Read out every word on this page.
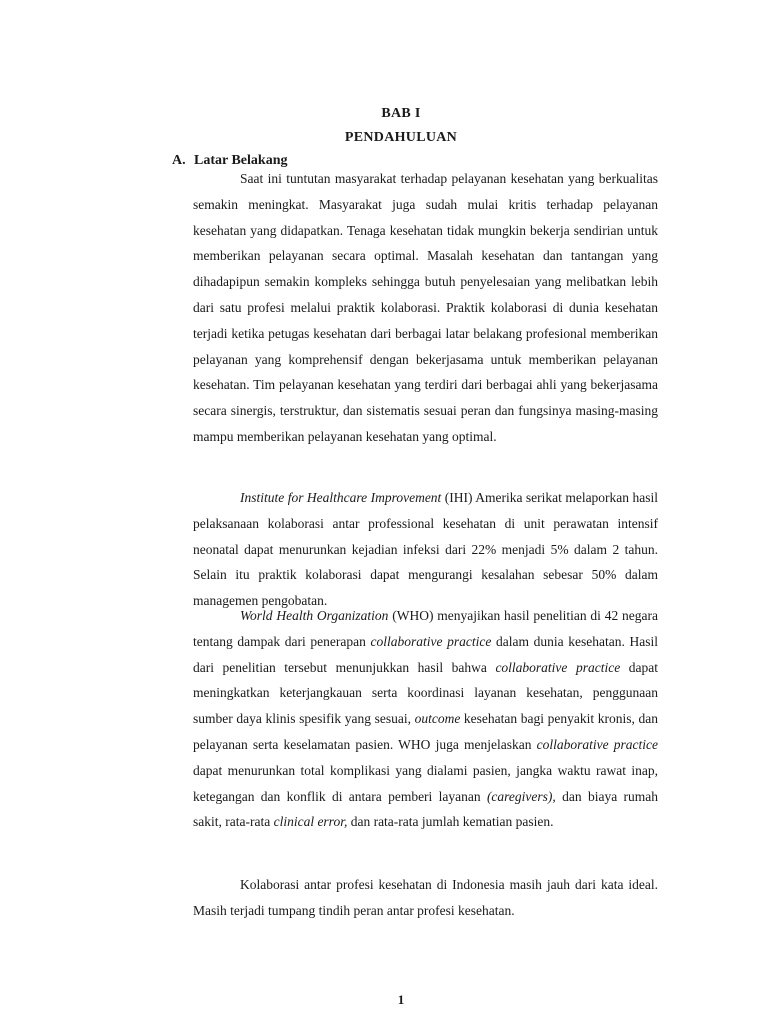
BAB I
PENDAHULUAN
A. Latar Belakang

Saat ini tuntutan masyarakat terhadap pelayanan kesehatan yang berkualitas semakin meningkat. Masyarakat juga sudah mulai kritis terhadap pelayanan kesehatan yang didapatkan. Tenaga kesehatan tidak mungkin bekerja sendirian untuk memberikan pelayanan secara optimal. Masalah kesehatan dan tantangan yang dihadapipun semakin kompleks sehingga butuh penyelesaian yang melibatkan lebih dari satu profesi melalui praktik kolaborasi. Praktik kolaborasi di dunia kesehatan terjadi ketika petugas kesehatan dari berbagai latar belakang profesional memberikan pelayanan yang komprehensif dengan bekerjasama untuk memberikan pelayanan kesehatan. Tim pelayanan kesehatan yang terdiri dari berbagai ahli yang bekerjasama secara sinergis, terstruktur, dan sistematis sesuai peran dan fungsinya masing-masing mampu memberikan pelayanan kesehatan yang optimal.

Institute for Healthcare Improvement (IHI) Amerika serikat melaporkan hasil pelaksanaan kolaborasi antar professional kesehatan di unit perawatan intensif neonatal dapat menurunkan kejadian infeksi dari 22% menjadi 5% dalam 2 tahun. Selain itu praktik kolaborasi dapat mengurangi kesalahan sebesar 50% dalam managemen pengobatan.

World Health Organization (WHO) menyajikan hasil penelitian di 42 negara tentang dampak dari penerapan collaborative practice dalam dunia kesehatan. Hasil dari penelitian tersebut menunjukkan hasil bahwa collaborative practice dapat meningkatkan keterjangkauan serta koordinasi layanan kesehatan, penggunaan sumber daya klinis spesifik yang sesuai, outcome kesehatan bagi penyakit kronis, dan pelayanan serta keselamatan pasien. WHO juga menjelaskan collaborative practice dapat menurunkan total komplikasi yang dialami pasien, jangka waktu rawat inap, ketegangan dan konflik di antara pemberi layanan (caregivers), dan biaya rumah sakit, rata-rata clinical error, dan rata-rata jumlah kematian pasien.

Kolaborasi antar profesi kesehatan di Indonesia masih jauh dari kata ideal. Masih terjadi tumpang tindih peran antar profesi kesehatan.

1
